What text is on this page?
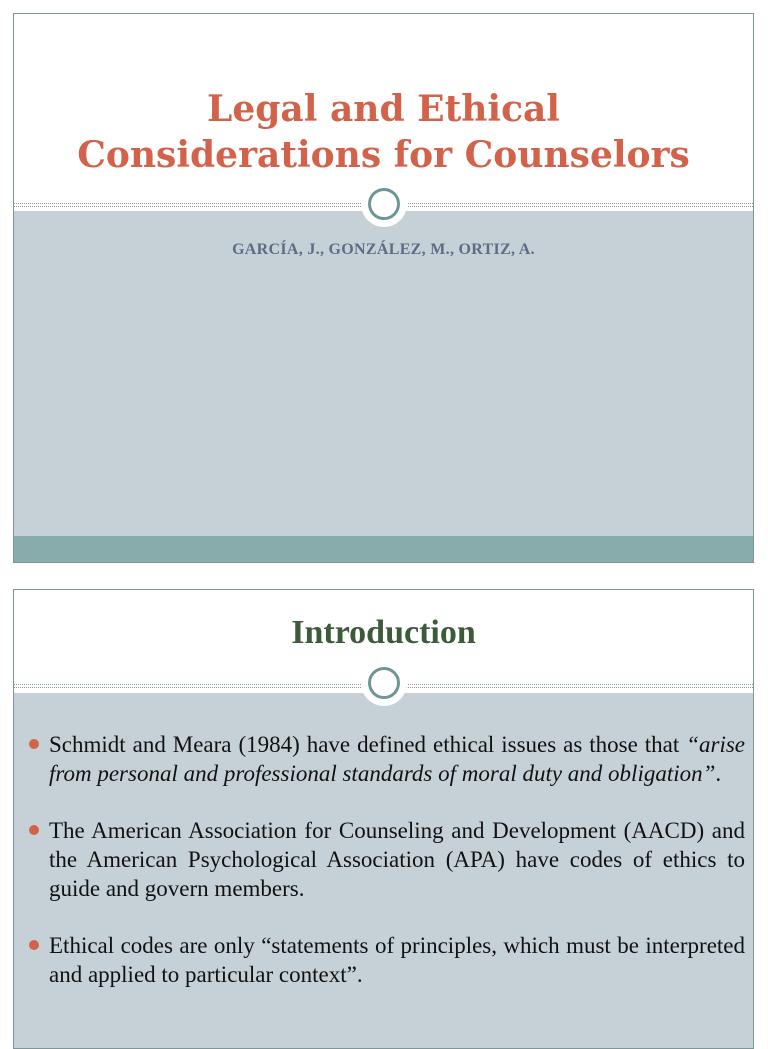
Legal and Ethical
Considerations for Counselors
GARCÍA, J., GONZÁLEZ, M., ORTIZ, A.
Introduction
Schmidt and Meara (1984) have defined ethical issues as those that “arise from personal and professional standards of moral duty and obligation”.
The American Association for Counseling and Development (AACD) and the American Psychological Association (APA) have codes of ethics to guide and govern members.
Ethical codes are only “statements of principles, which must be interpreted and applied to particular context”.
